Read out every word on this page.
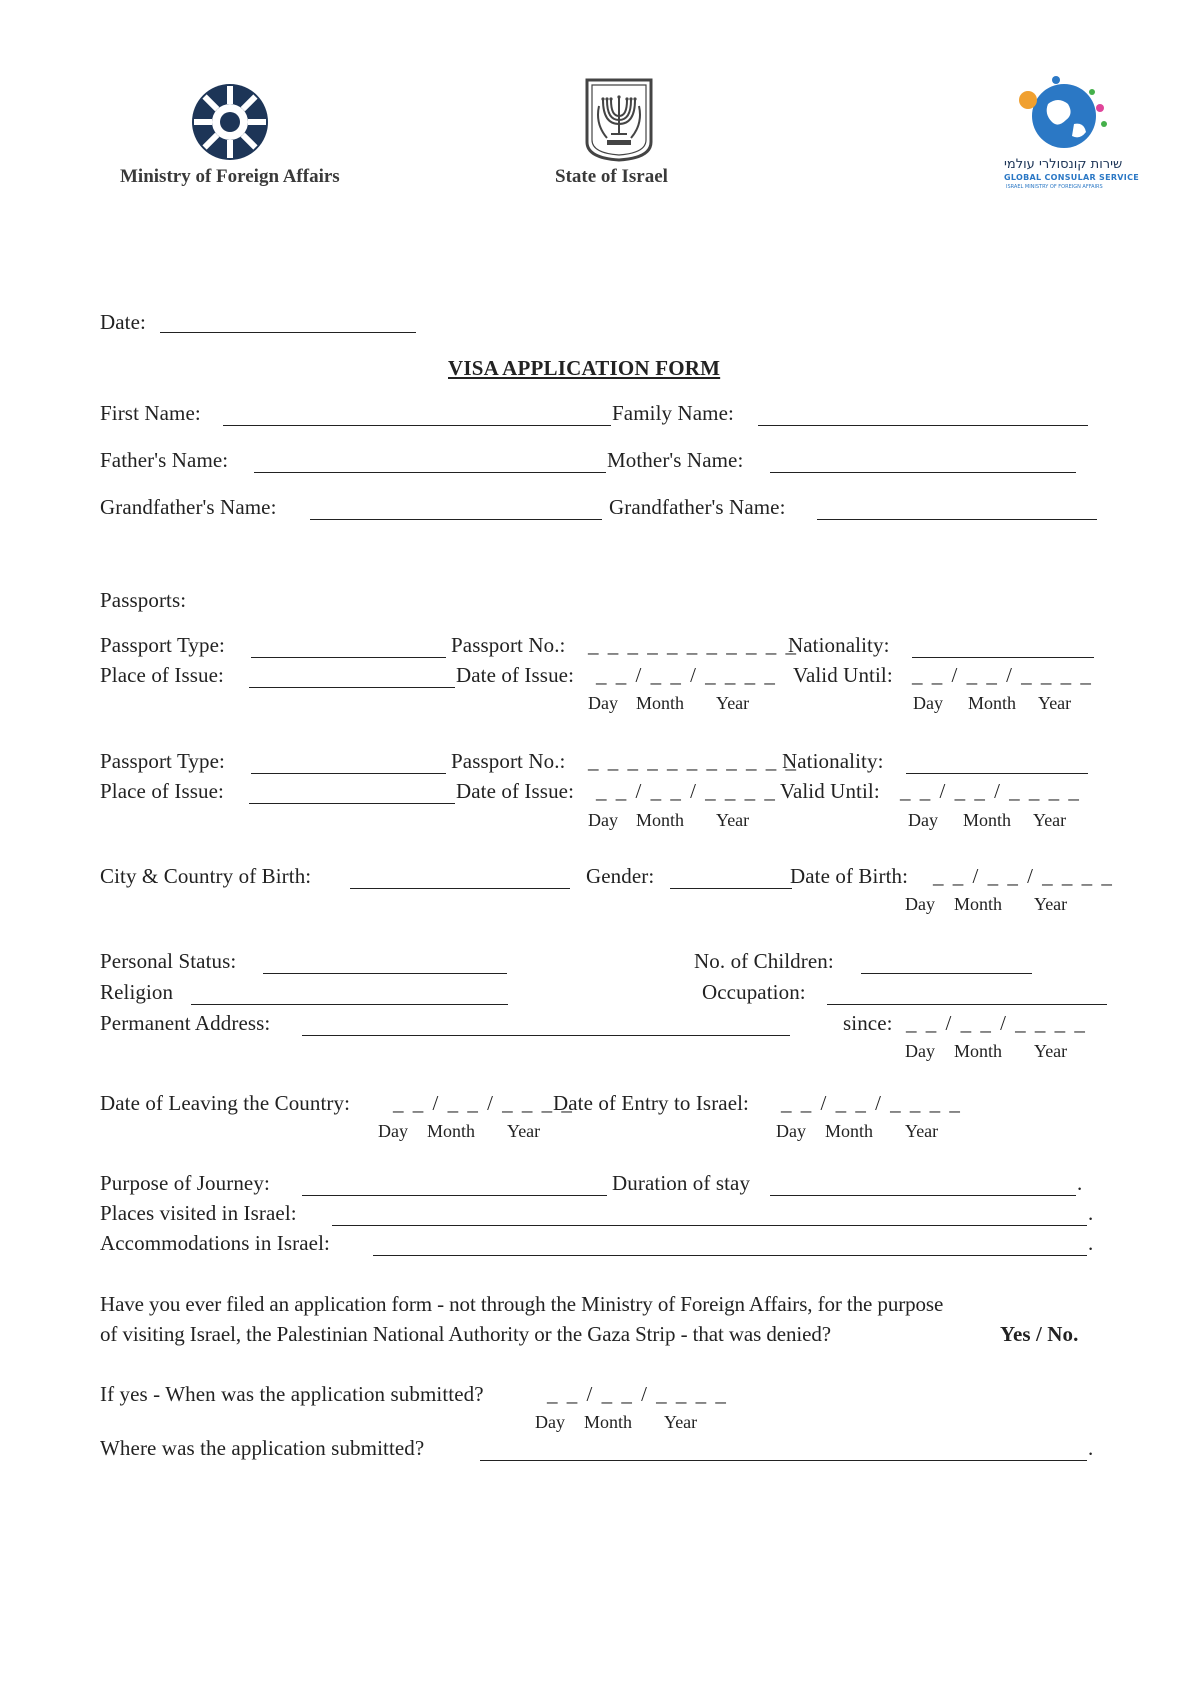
Ministry of Foreign Affairs	State of Israel
שירות קונסולרי עולמי
GLOBAL CONSULAR SERVICE
ISRAEL MINISTRY OF FOREIGN AFFAIRS
Date:
VISA APPLICATION FORM
First Name:	Family Name:
Father's Name:	Mother's Name:
Grandfather's Name:	Grandfather's Name:
Passports:
Passport Type:	Passport No.: _ _ _ _ _ _ _ _ _ _ _
Nationality:
Place of Issue:	Date of Issue: _ _ / _ _ / _ _ _ _ Valid Until: _ _ / _ _ / _ _ _ _
Day Month Year	Day Month Year
Passport Type:	Passport No.: _ _ _ _ _ _ _ _ _ _ _
Nationality:
Place of Issue:	Date of Issue: _ _ / _ _ / _ _ _ _ Valid Until: _ _ / _ _ / _ _ _ _
Day Month Year	Day Month Year
City & Country of Birth:	Gender:	Date of Birth: _ _ / _ _ / _ _ _ _
Day Month Year
Personal Status:	No. of Children:
Religion	Occupation:
Permanent Address:	since: _ _ / _ _ / _ _ _ _
Day Month Year
Date of Leaving the Country: _ _ / _ _ / _ _ _ _
Date of Entry to Israel: _ _ / _ _ / _ _ _ _
Day Month Year	Day Month Year
Purpose of Journey:	Duration of stay	.
Places visited in Israel:	.
Accommodations in Israel:	.
Have you ever filed an application form - not through the Ministry of Foreign Affairs, for the purpose
of visiting Israel, the Palestinian National Authority or the Gaza Strip - that was denied?	Yes / No.
If yes - When was the application submitted?	_ _ / _ _ / _ _ _ _
Day Month Year
Where was the application submitted?	.
